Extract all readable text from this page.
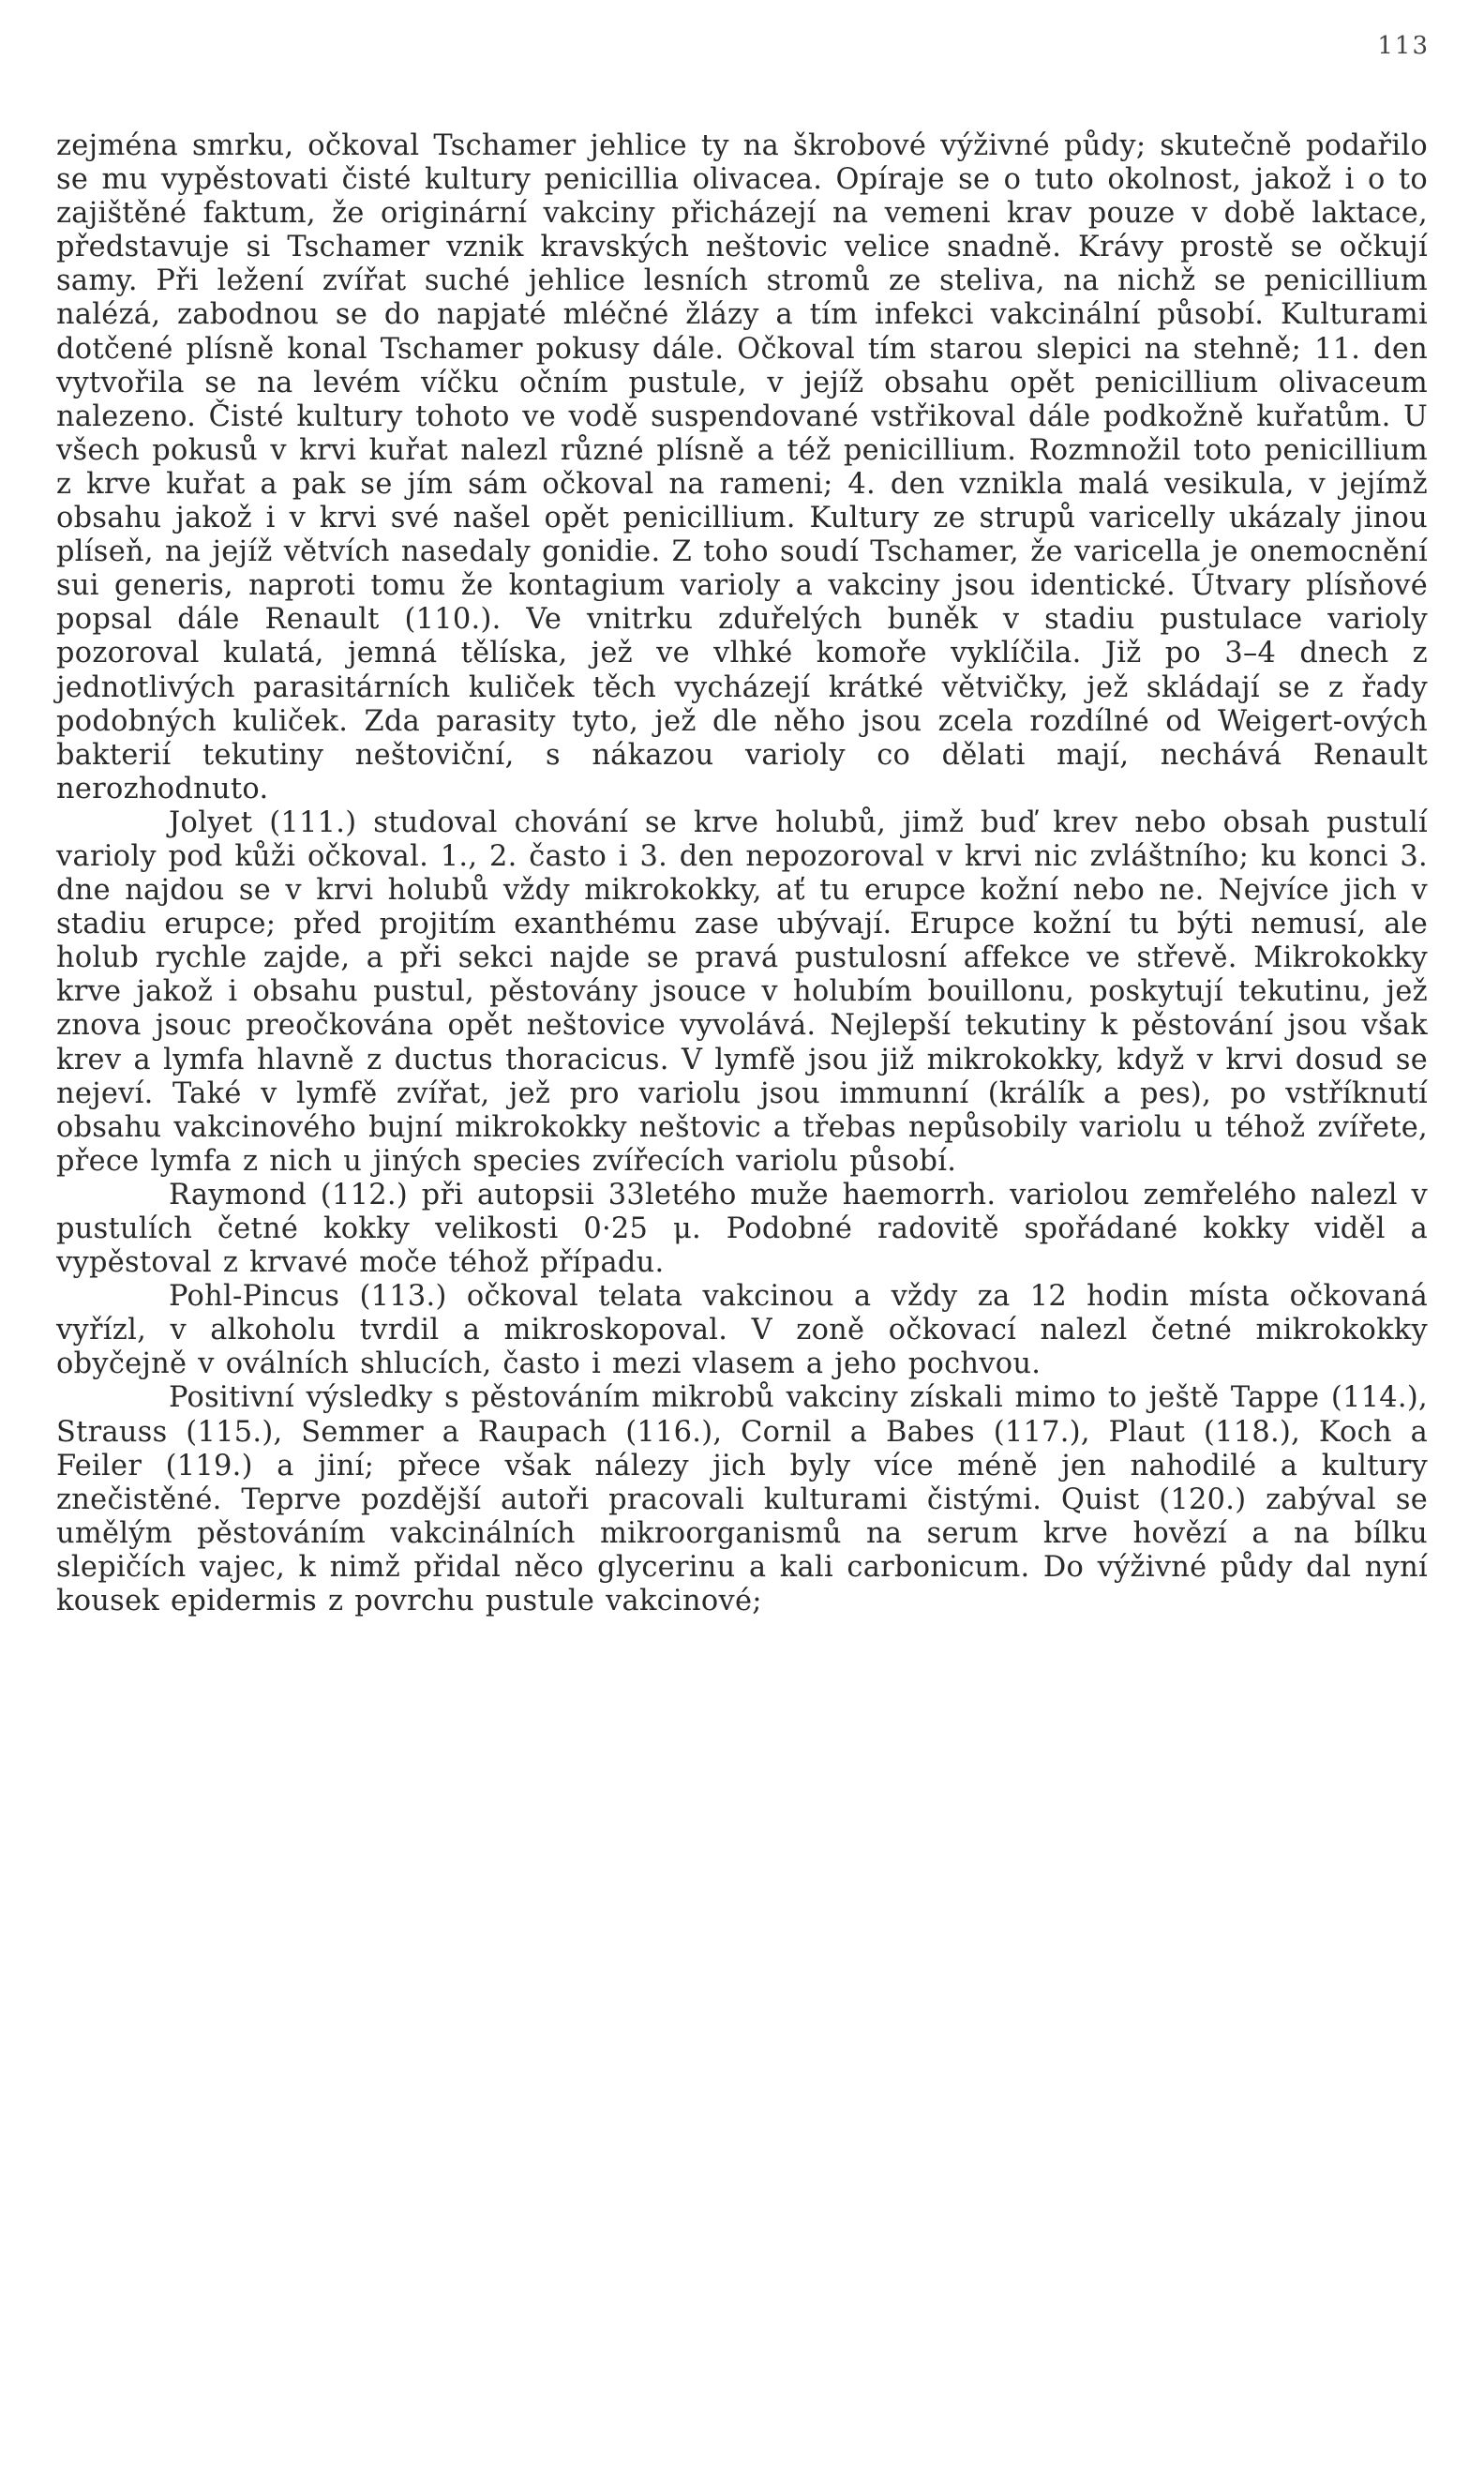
113

zejména smrku, očkoval Tschamer jehlice ty na škrobové výživné půdy; skutečně podařilo se mu vypěstovati čisté kultury penicillia olivacea. Opíraje se o tuto okolnost, jakož i o to zajištěné faktum, že originární vakciny přicházejí na vemeni krav pouze v době laktace, představuje si Tschamer vznik kravských neštovic velice snadně. Krávy prostě se očkují samy. Při ležení zvířat suché jehlice lesních stromů ze steliva, na nichž se penicillium nalézá, zabodnou se do napjaté mléčné žlázy a tím infekci vakcinální působí. Kulturami dotčené plísně konal Tschamer pokusy dále. Očkoval tím starou slepici na stehně; 11. den vytvořila se na levém víčku očním pustule, v jejíž obsahu opět penicillium olivaceum nalezeno. Čisté kultury tohoto ve vodě suspendované vstřikoval dále podkožně kuřatům. U všech pokusů v krvi kuřat nalezl různé plísně a též penicillium. Rozmnožil toto penicillium z krve kuřat a pak se jím sám očkoval na rameni; 4. den vznikla malá vesikula, v jejímž obsahu jakož i v krvi své našel opět penicillium. Kultury ze strupů varicelly ukázaly jinou plíseň, na jejíž větvích nasedaly gonidie. Z toho soudí Tschamer, že varicella je onemocnění sui generis, naproti tomu že kontagium varioly a vakciny jsou identické. Útvary plísňové popsal dále Renault (110.). Ve vnitrku zduřelých buněk v stadiu pustulace varioly pozoroval kulatá, jemná tělíska, jež ve vlhké komoře vyklíčila. Již po 3–4 dnech z jednotlivých parasitárních kuliček těch vycházejí krátké větvičky, jež skládají se z řady podobných kuliček. Zda parasity tyto, jež dle něho jsou zcela rozdílné od Weigert-ových bakterií tekutiny neštoviční, s nákazou varioly co dělati mají, nechává Renault nerozhodnuto.

Jolyet (111.) studoval chování se krve holubů, jimž buď krev nebo obsah pustulí varioly pod kůži očkoval. 1., 2. často i 3. den nepozoroval v krvi nic zvláštního; ku konci 3. dne najdou se v krvi holubů vždy mikrokokky, ať tu erupce kožní nebo ne. Nejvíce jich v stadiu erupce; před projitím exanthému zase ubývají. Erupce kožní tu býti nemusí, ale holub rychle zajde, a při sekci najde se pravá pustulosní affekce ve střevě. Mikrokokky krve jakož i obsahu pustul, pěstovány jsouce v holubím bouillonu, poskytují tekutinu, jež znova jsouc preočkována opět neštovice vyvolává. Nejlepší tekutiny k pěstování jsou však krev a lymfa hlavně z ductus thoracicus. V lymfě jsou již mikrokokky, když v krvi dosud se nejeví. Také v lymfě zvířat, jež pro variolu jsou immunní (králík a pes), po vstříknutí obsahu vakcinového bujní mikrokokky neštovic a třebas nepůsobily variolu u téhož zvířete, přece lymfa z nich u jiných species zvířecích variolu působí.

Raymond (112.) při autopsii 33letého muže haemorrh. variolou zemřelého nalezl v pustulích četné kokky velikosti 0·25 μ. Podobné radovitě spořádané kokky viděl a vypěstoval z krvavé moče téhož případu.

Pohl-Pincus (113.) očkoval telata vakcinou a vždy za 12 hodin místa očkovaná vyřízl, v alkoholu tvrdil a mikroskopoval. V zoně očkovací nalezl četné mikrokokky obyčejně v oválních shlucích, často i mezi vlasem a jeho pochvou.

Positivní výsledky s pěstováním mikrobů vakciny získali mimo to ještě Tappe (114.), Strauss (115.), Semmer a Raupach (116.), Cornil a Babes (117.), Plaut (118.), Koch a Feiler (119.) a jiní; přece však nálezy jich byly více méně jen nahodilé a kultury znečistěné. Teprve pozdější autoři pracovali kulturami čistými. Quist (120.) zabýval se umělým pěstováním vakcinálních mikroorganismů na serum krve hovězí a na bílku slepičích vajec, k nimž přidal něco glycerinu a kali carbonicum. Do výživné půdy dal nyní kousek epidermis z povrchu pustule vakcinové;
